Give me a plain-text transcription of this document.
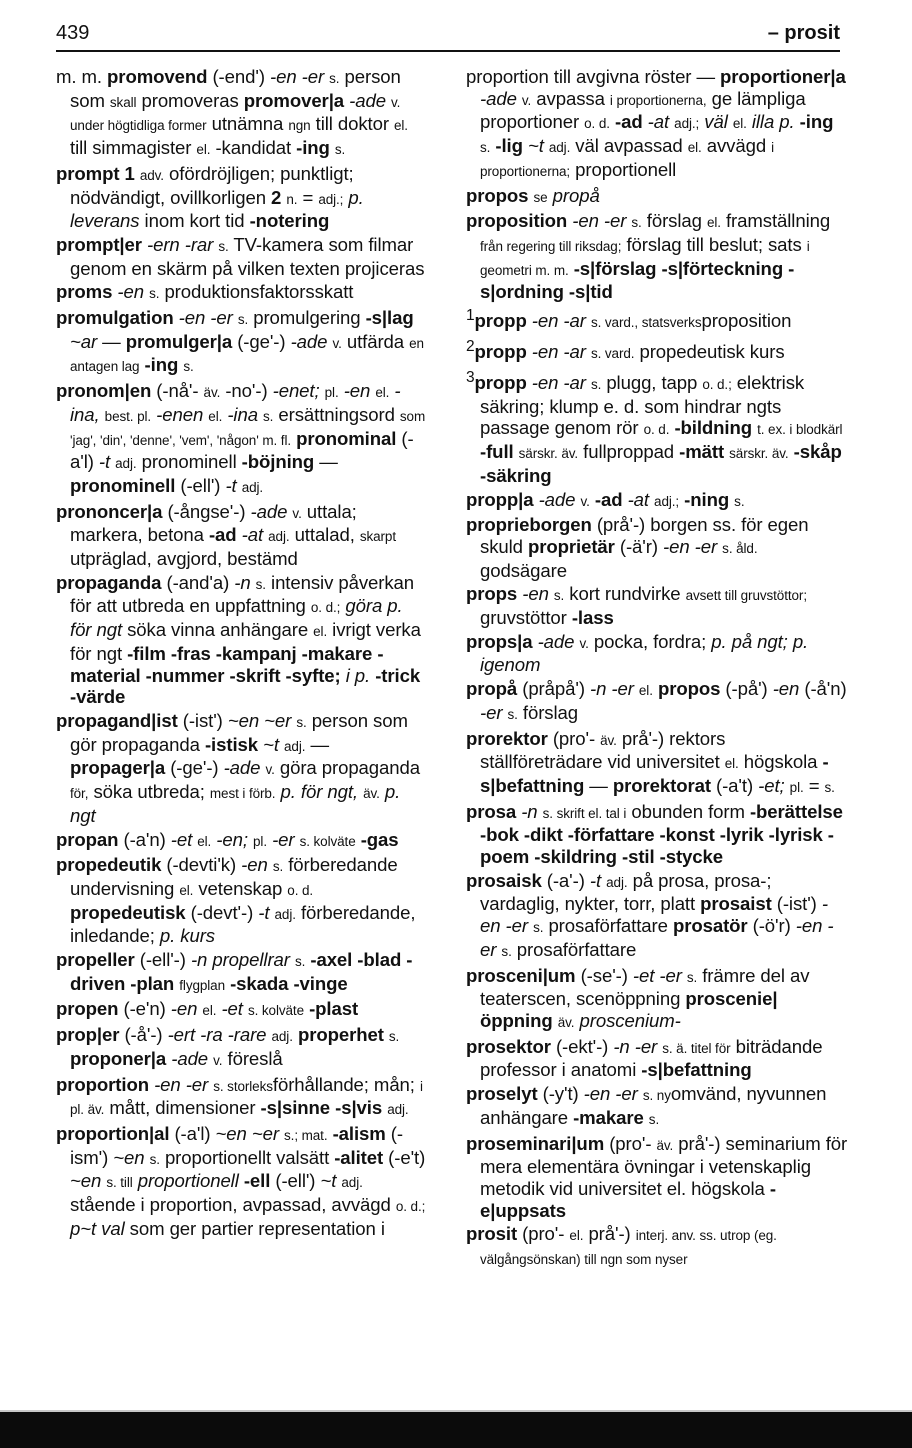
439	– prosit

m. m. promovend (-end') -en -er s. person som skall promoveras promover|a -ade v. under högtidliga former utnämna ngn till doktor el. till simmagister el. -kandidat -ing s.

prompt 1 adv. ofördröjligen; punktligt; nödvändigt, ovillkorligen 2 n. = adj.; p. leverans inom kort tid -notering

prompt|er -ern -rar s. TV-kamera som filmar genom en skärm på vilken texten projiceras

proms -en s. produktionsfaktorsskatt

promulgation -en -er s. promulgering -s|lag ~ar — promulger|a (-ge'-) -ade v. utfärda en antagen lag -ing s.

pronom|en (-nå'- äv. -no'-) -enet; pl. -en el. -ina, best. pl. -enen el. -ina s. ersättningsord som 'jag', 'din', 'denne', 'vem', 'någon' m. fl. pronominal (-a'l) -t adj. pronominell -böjning — pronominell (-ell') -t adj.

prononcer|a (-ångse'-) -ade v. uttala; markera, betona -ad -at adj. uttalad, skarpt utpräglad, avgjord, bestämd

propaganda (-and'a) -n s. intensiv påverkan för att utbreda en uppfattning o. d.; göra p. för ngt söka vinna anhängare el. ivrigt verka för ngt -film -fras -kampanj -makare -material -nummer -skrift -syfte; i p. -trick -värde

propagand|ist (-ist') ~en ~er s. person som gör propaganda -istisk ~t adj. — propager|a (-ge'-) -ade v. göra propaganda för, söka utbreda; mest i förb. p. för ngt, äv. p. ngt

propan (-a'n) -et el. -en; pl. -er s. kolväte -gas

propedeutik (-devti'k) -en s. förberedande undervisning el. vetenskap o. d. propedeutisk (-devt'-) -t adj. förberedande, inledande; p. kurs

propeller (-ell'-) -n propellrar s. -axel -blad -driven -plan flygplan -skada -vinge

propen (-e'n) -en el. -et s. kolväte -plast

prop|er (-å'-) -ert -ra -rare adj. properhet s. proponer|a -ade v. föreslå

proportion -en -er s. storleksförhållande; mån; i pl. äv. mått, dimensioner -s|sinne -s|vis adj.

proportion|al (-a'l) ~en ~er s.; mat. -alism (-ism') ~en s. proportionellt valsätt -alitet (-e't) ~en s. till proportionell -ell (-ell') ~t adj. stående i proportion, avpassad, avvägd o. d.; p~t val som ger partier representation i

proportion till avgivna röster — proportioner|a -ade v. avpassa i proportionerna, ge lämpliga proportioner o. d. -ad -at adj.; väl el. illa p. -ing s. -lig ~t adj. väl avpassad el. avvägd i proportionerna; proportionell

propos se propå

proposition -en -er s. förslag el. framställning från regering till riksdag; förslag till beslut; sats i geometri m. m. -s|förslag -s|förteckning -s|ordning -s|tid

$^1$propp -en -ar s. vard., statsverksproposition

$^2$propp -en -ar s. vard. propedeutisk kurs

$^3$propp -en -ar s. plugg, tapp o. d.; elektrisk säkring; klump e. d. som hindrar ngts passage genom rör o. d. -bildning t. ex. i blodkärl -full särskr. äv. fullproppad -mätt särskr. äv. -skåp -säkring

propp|a -ade v. -ad -at adj.; -ning s.

proprieborgen (prå'-) borgen ss. för egen skuld proprietär (-ä'r) -en -er s. åld. godsägare

props -en s. kort rundvirke avsett till gruvstöttor; gruvstöttor -lass

props|a -ade v. pocka, fordra; p. på ngt; p. igenom

propå (pråpå') -n -er el. propos (-på') -en (-å'n) -er s. förslag

prorektor (pro'- äv. prå'-) rektors ställföreträdare vid universitet el. högskola -s|befattning — prorektorat (-a't) -et; pl. = s.

prosa -n s. skrift el. tal i obunden form -berättelse -bok -dikt -författare -konst -lyrik -lyrisk -poem -skildring -stil -stycke

prosaisk (-a'-) -t adj. på prosa, prosa-; vardaglig, nykter, torr, platt prosaist (-ist') -en -er s. prosaförfattare prosatör (-ö'r) -en -er s. prosaförfattare

prosceni|um (-se'-) -et -er s. främre del av teaterscen, scenöppning proscenie|öppning äv. proscenium-

prosektor (-ekt'-) -n -er s. ä. titel för biträdande professor i anatomi -s|befattning

proselyt (-y't) -en -er s. nyomvänd, nyvunnen anhängare -makare s.

proseminari|um (pro'- äv. prå'-) seminarium för mera elementära övningar i vetenskaplig metodik vid universitet el. högskola -e|uppsats

prosit (pro'- el. prå'-) interj. anv. ss. utrop (eg. välgångsönskan) till ngn som nyser
